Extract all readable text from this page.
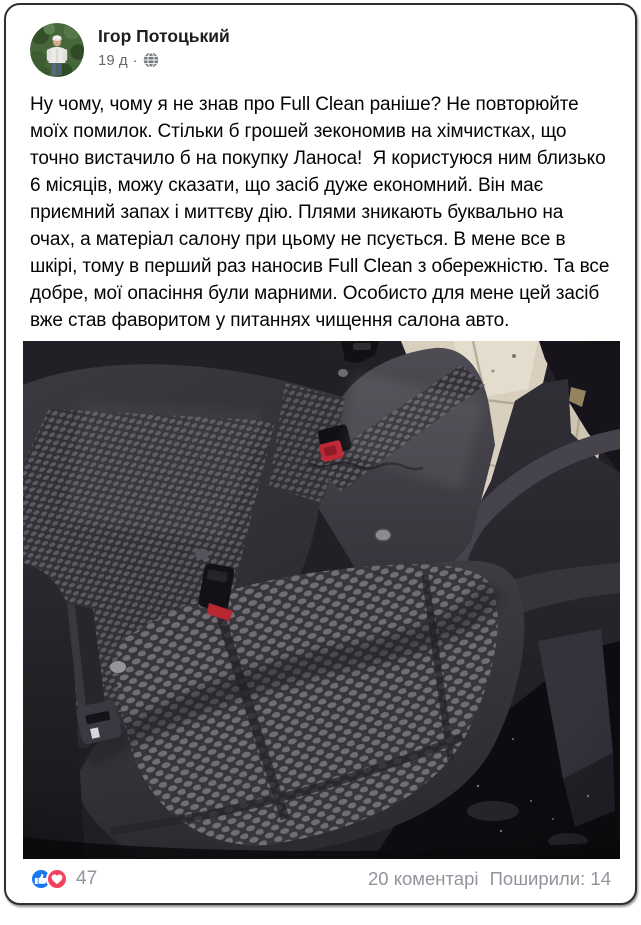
Ігор Потоцький
19 д ·
Ну чому, чому я не знав про Full Clean раніше? Не повторюйте моїх помилок. Стільки б грошей зекономив на хімчистках, що точно вистачило б на покупку Ланоса!  Я користуюся ним близько 6 місяців, можу сказати, що засіб дуже економний. Він має приємний запах і миттєву дію. Плями зникають буквально на очах, а матеріал салону при цьому не псується. В мене все в шкірі, тому в перший раз наносив Full Clean з обережністю. Та все добре, мої опасіння були марними. Особисто для мене цей засіб вже став фаворитом у питаннях чищення салона авто.
47	20 коментарі Поширили: 14
